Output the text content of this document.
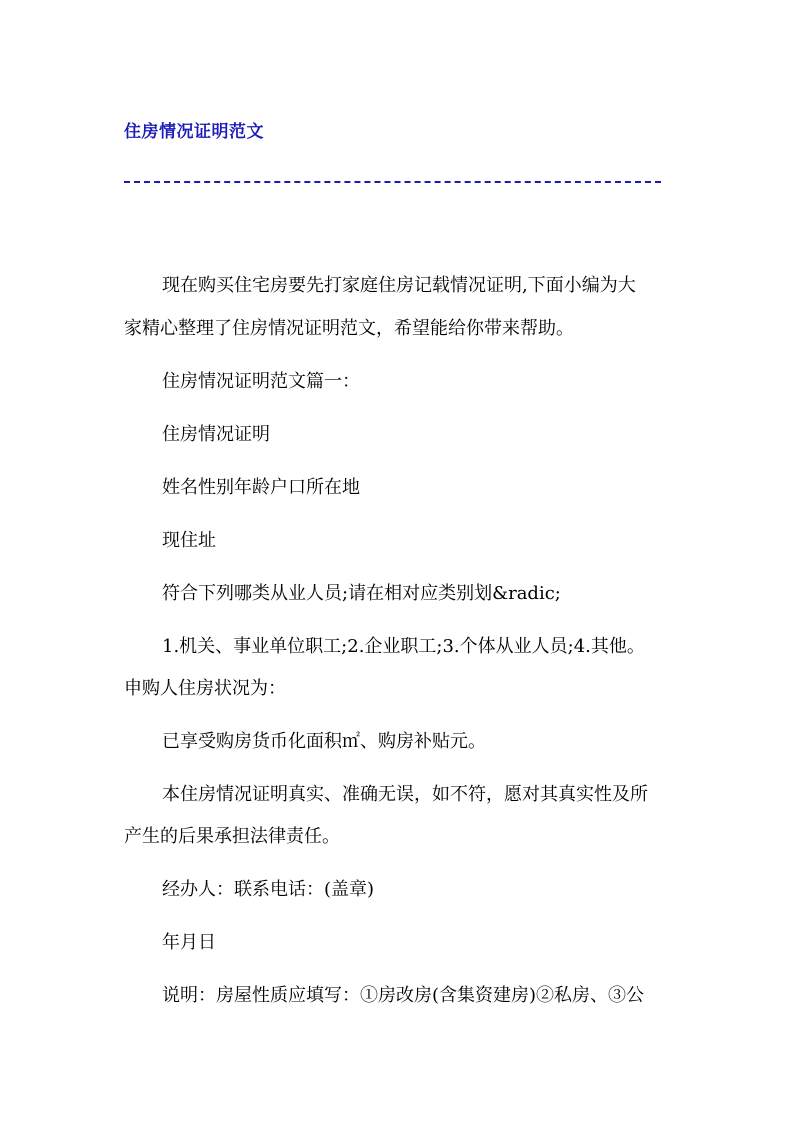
住房情况证明范文

现在购买住宅房要先打家庭住房记载情况证明,下面小编为大

家精心整理了住房情况证明范文，希望能给你带来帮助。

住房情况证明范文篇一：

住房情况证明

姓名性别年龄户口所在地

现住址

符合下列哪类从业人员;请在相对应类别划&radic;

1.机关、事业单位职工;2.企业职工;3.个体从业人员;4.其他。

申购人住房状况为：

已享受购房货币化面积㎡、购房补贴元。

本住房情况证明真实、准确无误，如不符，愿对其真实性及所

产生的后果承担法律责任。

经办人：联系电话：(盖章)

年月日

说明：房屋性质应填写：①房改房(含集资建房)②私房、③公
